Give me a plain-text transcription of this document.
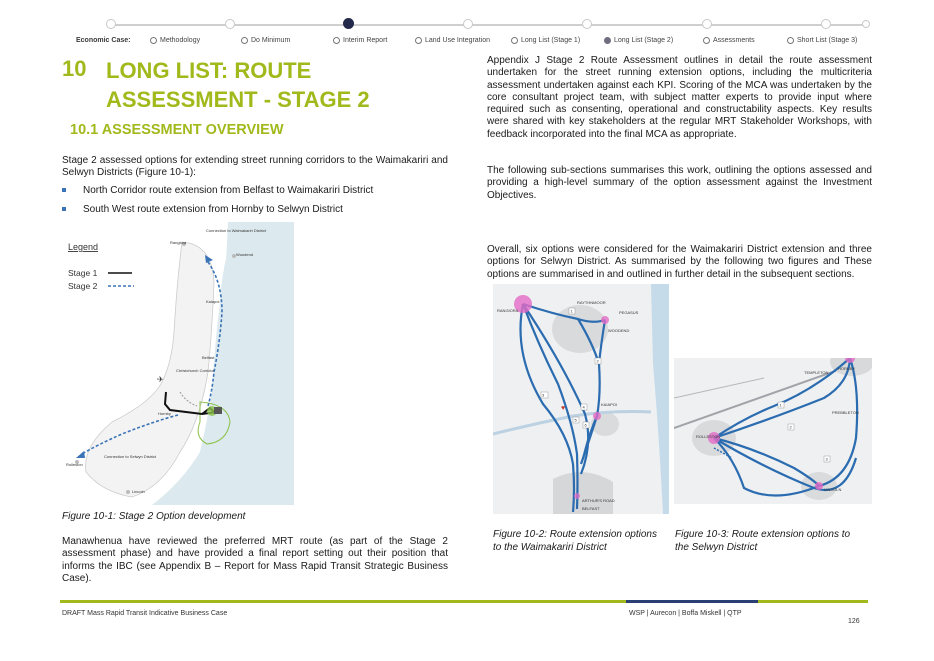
Economic Case:	Methodology	Do Minimum	Interim Report	Land Use Integration	Long List (Stage 1)	Long List (Stage 2)	Assessments	Short List (Stage 3)
10 LONG LIST: ROUTE ASSESSMENT - STAGE 2
10.1 ASSESSMENT OVERVIEW
Stage 2 assessed options for extending street running corridors to the Waimakariri and Selwyn Districts (Figure 10-1):
North Corridor route extension from Belfast to Waimakariri District
South West route extension from Hornby to Selwyn District
Legend
Stage 1
Stage 2
✈
Connection to Waimakariri District
Rangiora
Woodend
Kaiapoi
Belfast
Christchurch Corridor
Hornby
Connection to Selwyn District
Rolleston
Lincoln
Figure 10-1: Stage 2 Option development
Manawhenua have reviewed the preferred MRT route (as part of the Stage 2 assessment phase) and have provided a final report setting out their position that informs the IBC (see Appendix B – Report for Mass Rapid Transit Strategic Business Case).
Appendix J Stage 2 Route Assessment outlines in detail the route assessment undertaken for the street running extension options, including the multicriteria assessment undertaken against each KPI. Scoring of the MCA was undertaken by the core consultant project team, with subject matter experts to provide input where required such as consenting, operational and constructability aspects. Key results were shared with key stakeholders at the regular MRT Stakeholder Workshops, with feedback incorporated into the final MCA as appropriate.
The following sub-sections summarises this work, outlining the options assessed and providing a high-level summary of the option assessment against the Investment Objectives.
Overall, six options were considered for the Waimakariri District extension and three options for Selwyn District. As summarised by the following two figures and These options are summarised in and outlined in further detail in the subsequent sections.
1
2
3
4
5
6
♥
RANGIORA
RAYTHNMOOR
PEGASUS
WOODEND
KAIAPOI
ARTHUR'S ROAD
BELFAST
1
2
3
HORNBY
TEMPLETON
PREBBLETON
ROLLESTON
LINCOLN
Figure 10-2: Route extension options to the Waimakariri District
Figure 10-3: Route extension options to the Selwyn District
DRAFT Mass Rapid Transit Indicative Business Case	WSP | Aurecon | Boffa Miskell | QTP
126
